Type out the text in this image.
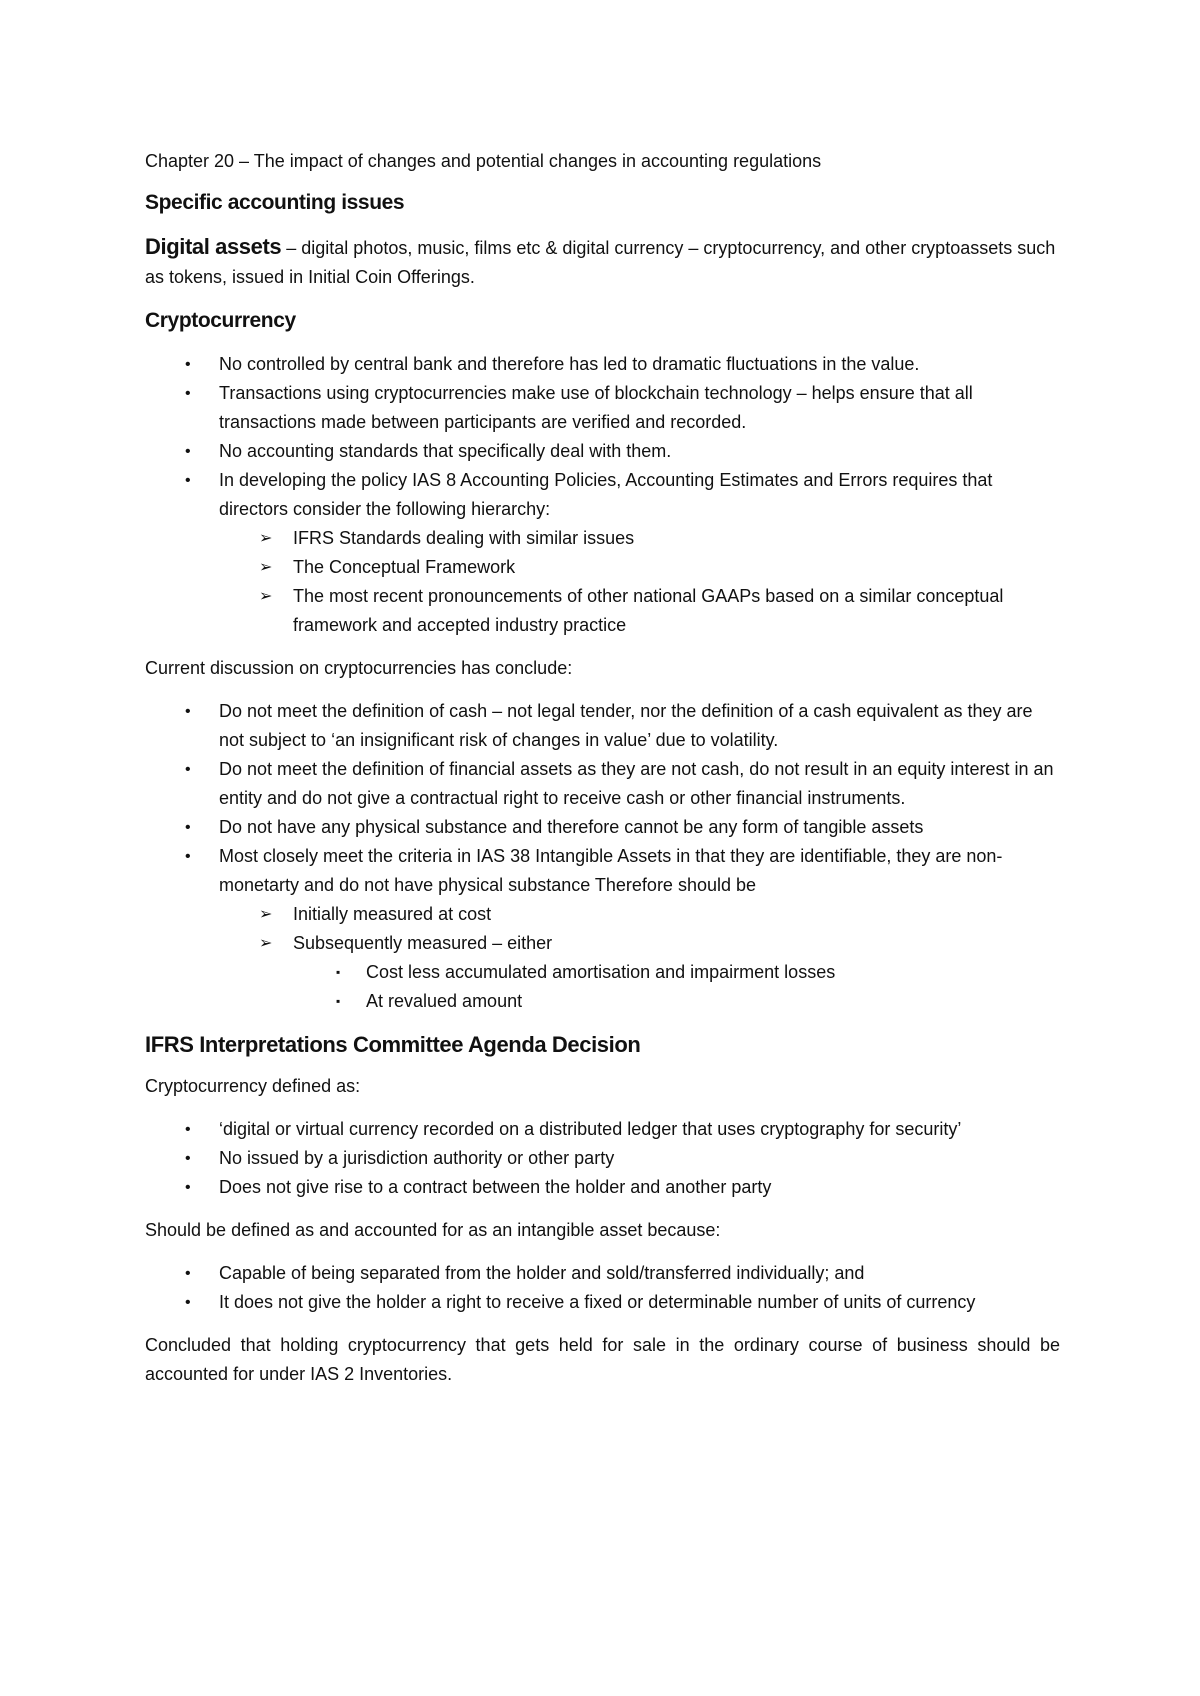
Chapter 20 – The impact of changes and potential changes in accounting regulations

Specific accounting issues

Digital assets – digital photos, music, films etc & digital currency – cryptocurrency, and other cryptoassets such as tokens, issued in Initial Coin Offerings.

Cryptocurrency

• No controlled by central bank and therefore has led to dramatic fluctuations in the value.
• Transactions using cryptocurrencies make use of blockchain technology – helps ensure that all transactions made between participants are verified and recorded.
• No accounting standards that specifically deal with them.
• In developing the policy IAS 8 Accounting Policies, Accounting Estimates and Errors requires that directors consider the following hierarchy:
➢ IFRS Standards dealing with similar issues
➢ The Conceptual Framework
➢ The most recent pronouncements of other national GAAPs based on a similar conceptual framework and accepted industry practice

Current discussion on cryptocurrencies has conclude:

• Do not meet the definition of cash – not legal tender, nor the definition of a cash equivalent as they are not subject to ‘an insignificant risk of changes in value’ due to volatility.
• Do not meet the definition of financial assets as they are not cash, do not result in an equity interest in an entity and do not give a contractual right to receive cash or other financial instruments.
• Do not have any physical substance and therefore cannot be any form of tangible assets
• Most closely meet the criteria in IAS 38 Intangible Assets in that they are identifiable, they are non-monetarty and do not have physical substance Therefore should be
➢ Initially measured at cost
➢ Subsequently measured – either
▪ Cost less accumulated amortisation and impairment losses
▪ At revalued amount

IFRS Interpretations Committee Agenda Decision

Cryptocurrency defined as:

• ‘digital or virtual currency recorded on a distributed ledger that uses cryptography for security’
• No issued by a jurisdiction authority or other party
• Does not give rise to a contract between the holder and another party

Should be defined as and accounted for as an intangible asset because:

• Capable of being separated from the holder and sold/transferred individually; and
• It does not give the holder a right to receive a fixed or determinable number of units of currency

Concluded that holding cryptocurrency that gets held for sale in the ordinary course of business should be accounted for under IAS 2 Inventories.
